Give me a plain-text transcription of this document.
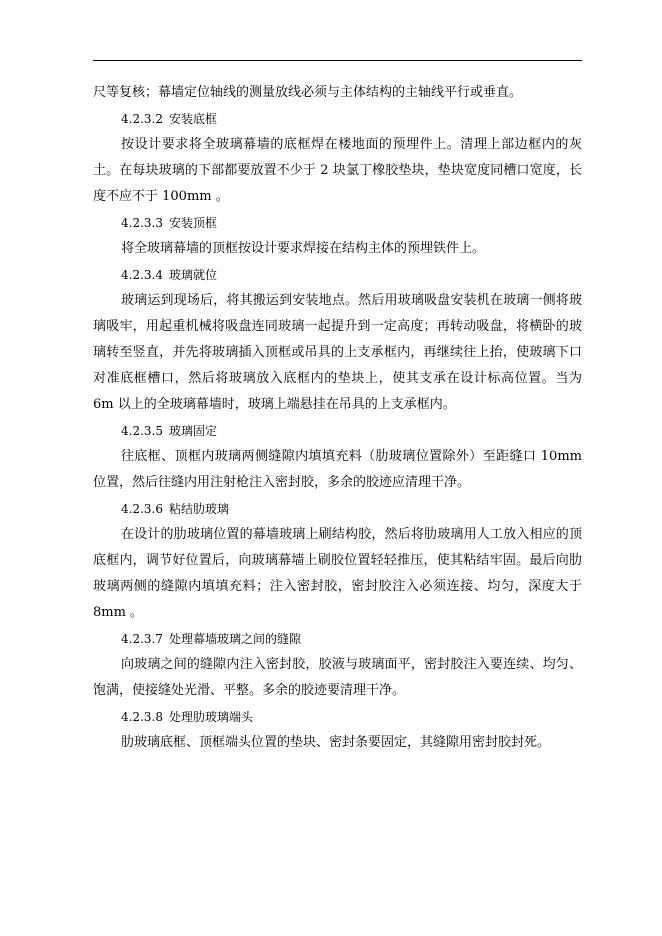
尺等复核；幕墙定位轴线的测量放线必须与主体结构的主轴线平行或垂直。

4.2.3.2 安装底框

按设计要求将全玻璃幕墙的底框焊在楼地面的预埋件上。清理上部边框内的灰土。在每块玻璃的下部都要放置不少于 2 块氯丁橡胶垫块，垫块宽度同槽口宽度，长度不应不于 100mm 。

4.2.3.3 安装顶框

将全玻璃幕墙的顶框按设计要求焊接在结构主体的预埋铁件上。

4.2.3.4 玻璃就位

玻璃运到现场后，将其搬运到安装地点。然后用玻璃吸盘安装机在玻璃一侧将玻璃吸牢，用起重机械将吸盘连同玻璃一起提升到一定高度；再转动吸盘，将横卧的玻璃转至竖直，并先将玻璃插入顶框或吊具的上支承框内，再继续往上抬，使玻璃下口对准底框槽口，然后将玻璃放入底框内的垫块上，使其支承在设计标高位置。当为 6m 以上的全玻璃幕墙时，玻璃上端悬挂在吊具的上支承框内。

4.2.3.5 玻璃固定

往底框、顶框内玻璃两侧缝隙内填填充料（肋玻璃位置除外）至距缝口 10mm 位置，然后往缝内用注射枪注入密封胶，多余的胶迹应清理干净。

4.2.3.6 粘结肋玻璃

在设计的肋玻璃位置的幕墙玻璃上刷结构胶，然后将肋玻璃用人工放入相应的顶底框内，调节好位置后，向玻璃幕墙上刷胶位置轻轻推压，使其粘结牢固。最后向肋玻璃两侧的缝隙内填填充料；注入密封胶，密封胶注入必须连接、均匀，深度大于 8mm 。

4.2.3.7 处理幕墙玻璃之间的缝隙

向玻璃之间的缝隙内注入密封胶，胶液与玻璃面平，密封胶注入要连续、均匀、饱满，使接缝处光滑、平整。多余的胶迹要清理干净。

4.2.3.8 处理肋玻璃端头

肋玻璃底框、顶框端头位置的垫块、密封条要固定，其缝隙用密封胶封死。
